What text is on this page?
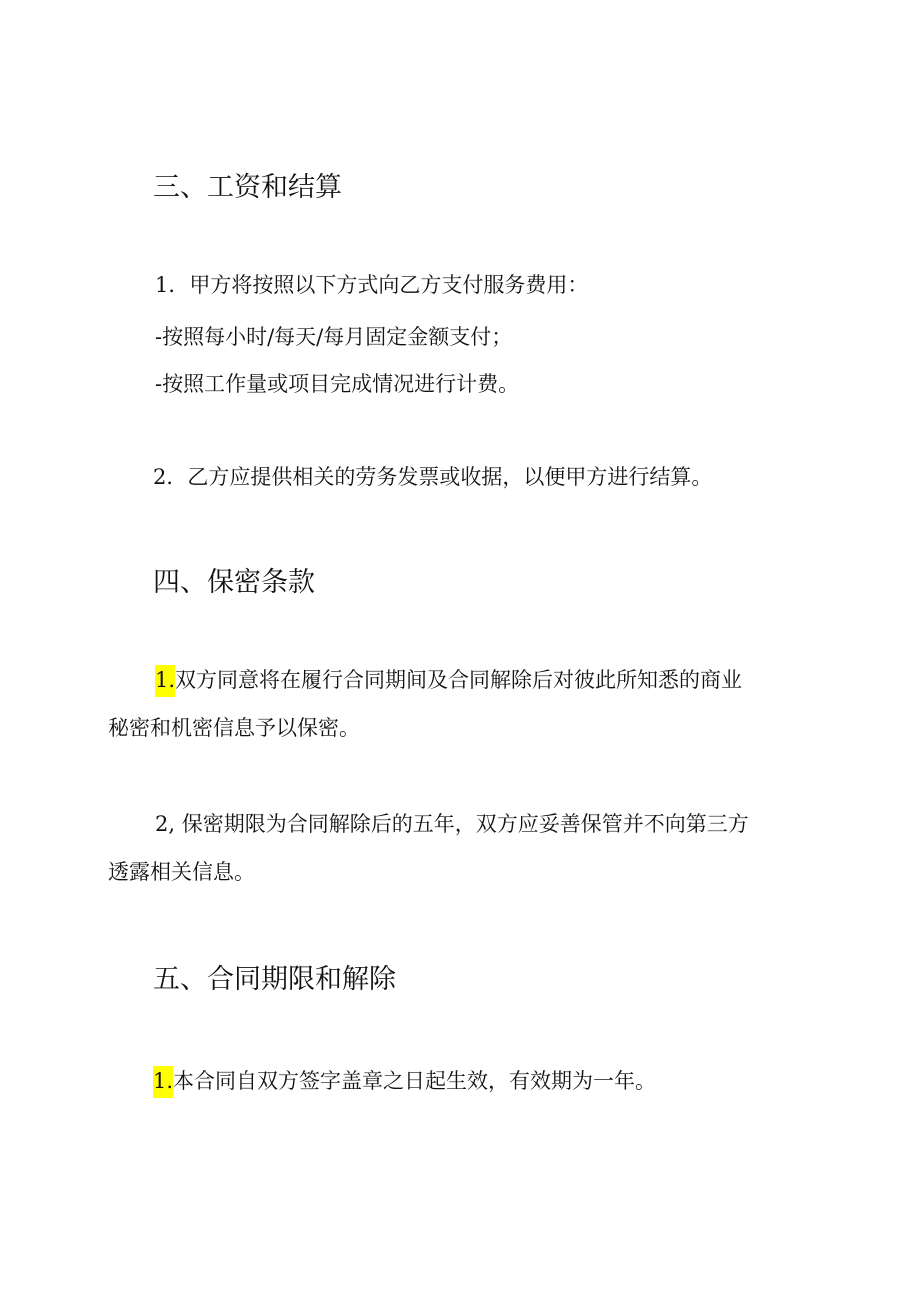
三、工资和结算

1．甲方将按照以下方式向乙方支付服务费用：

-按照每小时/每天/每月固定金额支付；

-按照工作量或项目完成情况进行计费。

2．乙方应提供相关的劳务发票或收据，以便甲方进行结算。

四、保密条款

1.双方同意将在履行合同期间及合同解除后对彼此所知悉的商业

秘密和机密信息予以保密。

2, 保密期限为合同解除后的五年，双方应妥善保管并不向第三方

透露相关信息。

五、合同期限和解除

1.本合同自双方签字盖章之日起生效，有效期为一年。
